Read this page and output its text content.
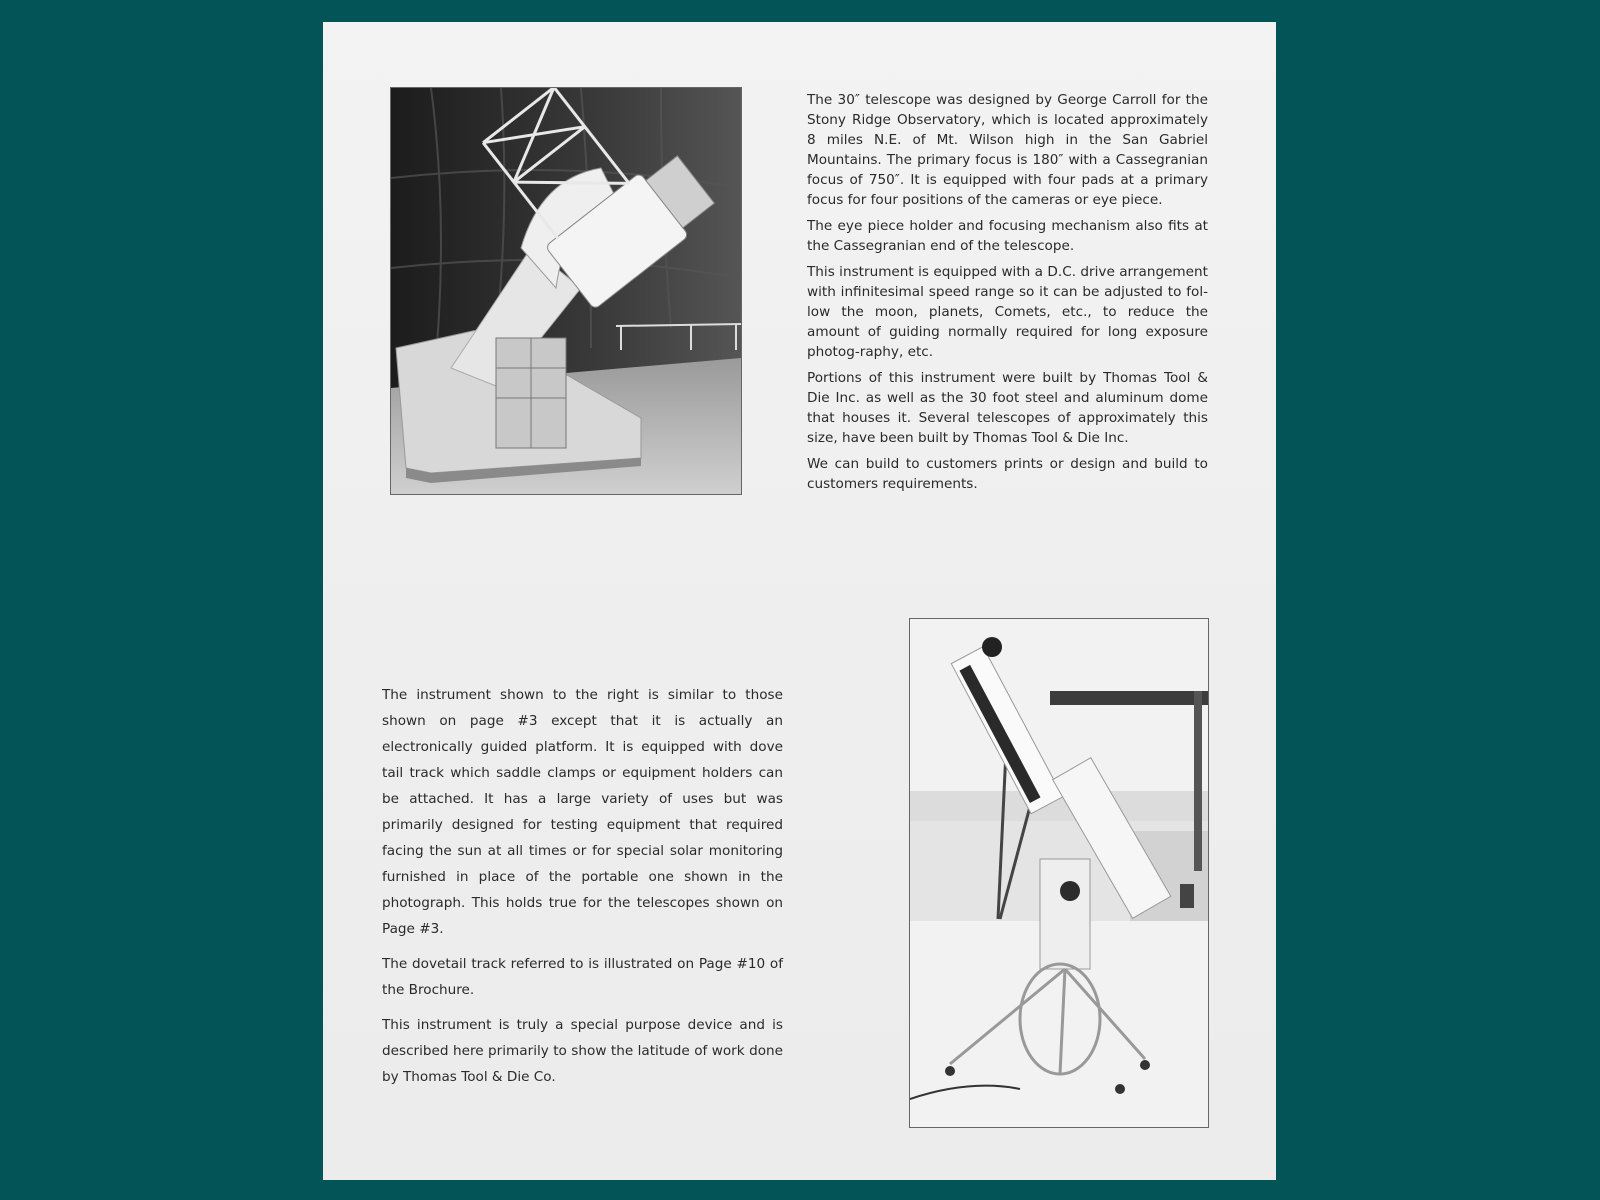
The 30″ telescope was designed by George Carroll for the Stony Ridge Observatory, which is located approximately 8 miles N.E. of Mt. Wilson high in the San Gabriel Mountains. The primary focus is 180″ with a Cassegranian focus of 750″. It is equipped with four pads at a primary focus for four positions of the cameras or eye piece.

The eye piece holder and focusing mechanism also fits at the Cassegranian end of the telescope.

This instrument is equipped with a D.C. drive arrangement with infinitesimal speed range so it can be adjusted to fol-low the moon, planets, Comets, etc., to reduce the amount of guiding normally required for long exposure photog-raphy, etc.

Portions of this instrument were built by Thomas Tool & Die Inc. as well as the 30 foot steel and aluminum dome that houses it. Several telescopes of approximately this size, have been built by Thomas Tool & Die Inc.

We can build to customers prints or design and build to customers requirements.

The instrument shown to the right is similar to those shown on page #3 except that it is actually an electronically guided platform. It is equipped with dove tail track which saddle clamps or equipment holders can be attached. It has a large variety of uses but was primarily designed for testing equipment that required facing the sun at all times or for special solar monitoring furnished in place of the portable one shown in the photograph. This holds true for the telescopes shown on Page #3.

The dovetail track referred to is illustrated on Page #10 of the Brochure.

This instrument is truly a special purpose device and is described here primarily to show the latitude of work done by Thomas Tool & Die Co.
